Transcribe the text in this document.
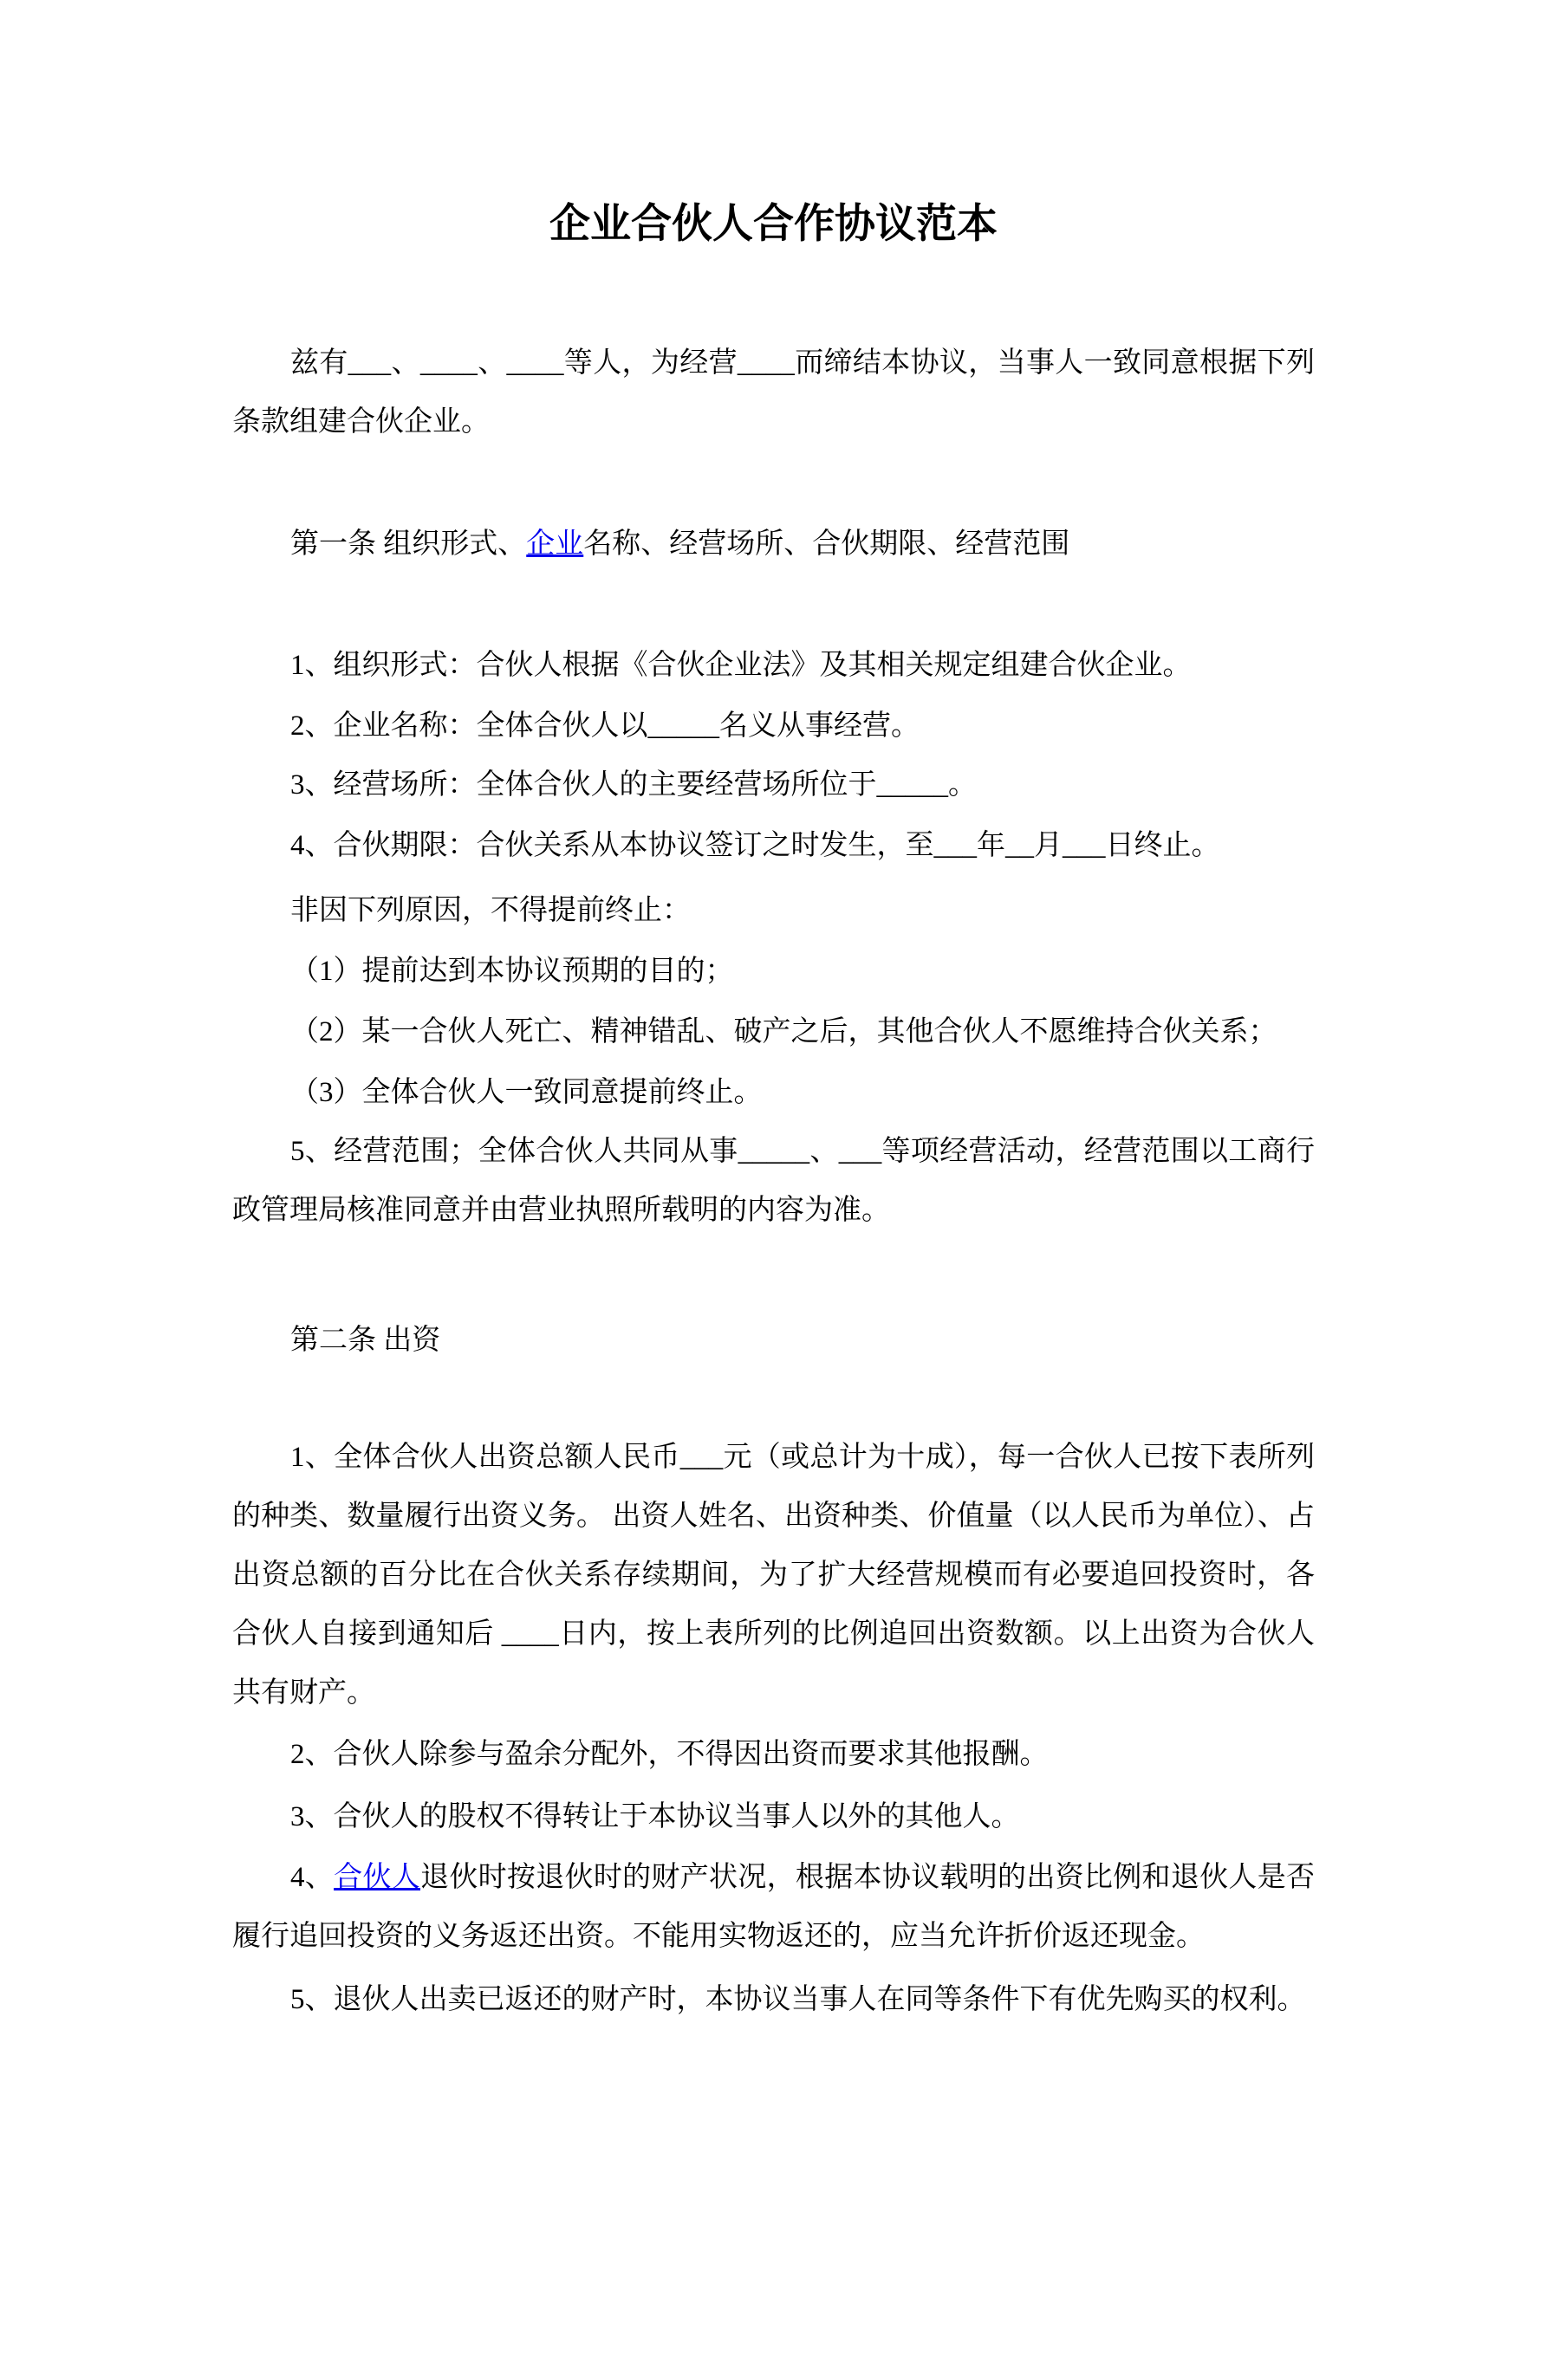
企业合伙人合作协议范本

兹有___、____、____等人，为经营____而缔结本协议，当事人一致同意根据下列条款组建合伙企业。

第一条 组织形式、企业名称、经营场所、合伙期限、经营范围

1、组织形式：合伙人根据《合伙企业法》及其相关规定组建合伙企业。

2、企业名称：全体合伙人以_____名义从事经营。

3、经营场所：全体合伙人的主要经营场所位于_____。

4、合伙期限：合伙关系从本协议签订之时发生，至___年__月___日终止。

非因下列原因，不得提前终止：

（1）提前达到本协议预期的目的；

（2）某一合伙人死亡、精神错乱、破产之后，其他合伙人不愿维持合伙关系；

（3）全体合伙人一致同意提前终止。

5、经营范围；全体合伙人共同从事_____、___等项经营活动，经营范围以工商行政管理局核准同意并由营业执照所载明的内容为准。

第二条 出资

1、全体合伙人出资总额人民币___元（或总计为十成），每一合伙人已按下表所列的种类、数量履行出资义务。 出资人姓名、出资种类、价值量（以人民币为单位）、占出资总额的百分比在合伙关系存续期间，为了扩大经营规模而有必要追回投资时，各合伙人自接到通知后 ____日内，按上表所列的比例追回出资数额。以上出资为合伙人共有财产。

2、合伙人除参与盈余分配外，不得因出资而要求其他报酬。

3、合伙人的股权不得转让于本协议当事人以外的其他人。

4、合伙人退伙时按退伙时的财产状况，根据本协议载明的出资比例和退伙人是否履行追回投资的义务返还出资。不能用实物返还的，应当允许折价返还现金。

5、退伙人出卖已返还的财产时，本协议当事人在同等条件下有优先购买的权利。
